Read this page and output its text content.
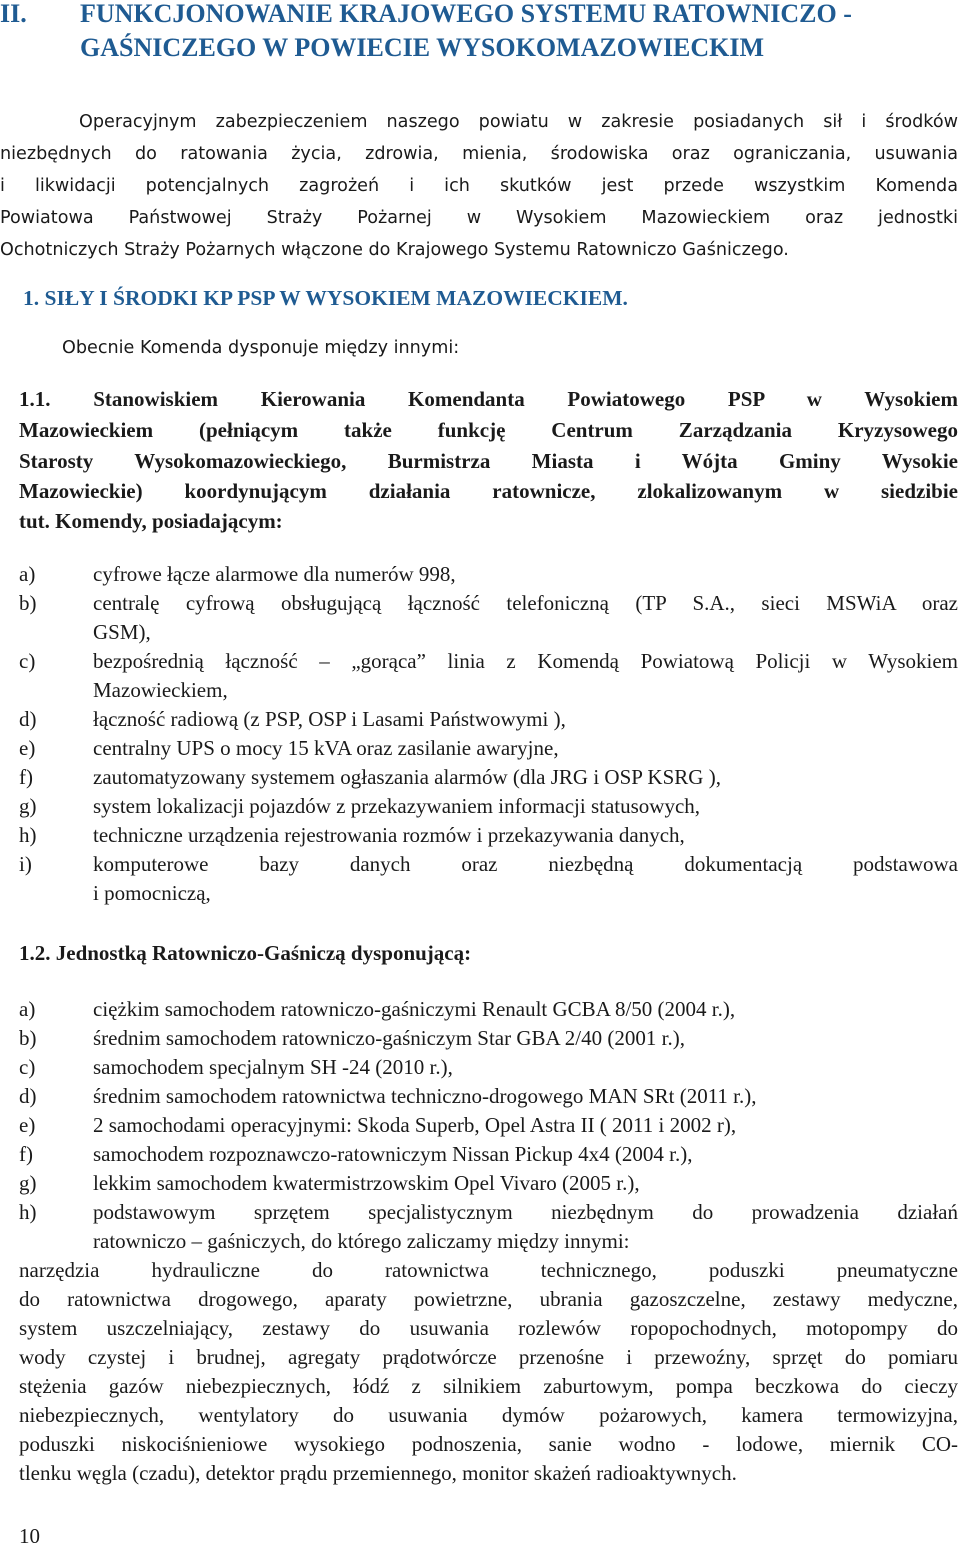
II. FUNKCJONOWANIE KRAJOWEGO SYSTEMU RATOWNICZO -
GAŚNICZEGO W POWIECIE WYSOKOMAZOWIECKIM
Operacyjnym zabezpieczeniem naszego powiatu w zakresie posiadanych sił i środków
niezbędnych do ratowania życia, zdrowia, mienia, środowiska oraz ograniczania, usuwania
i likwidacji potencjalnych zagrożeń i ich skutków jest przede wszystkim Komenda
Powiatowa Państwowej Straży Pożarnej w Wysokiem Mazowieckiem oraz jednostki
Ochotniczych Straży Pożarnych włączone do Krajowego Systemu Ratowniczo Gaśniczego.
1. SIŁY I ŚRODKI KP PSP W WYSOKIEM MAZOWIECKIEM.
Obecnie Komenda dysponuje między innymi:
1.1. Stanowiskiem Kierowania Komendanta Powiatowego PSP w Wysokiem
Mazowieckiem (pełniącym także funkcję Centrum Zarządzania Kryzysowego
Starosty Wysokomazowieckiego, Burmistrza Miasta i Wójta Gminy Wysokie
Mazowieckie) koordynującym działania ratownicze, zlokalizowanym w siedzibie
tut. Komendy, posiadającym:
a)	cyfrowe łącze alarmowe dla numerów 998,
b)	centralę cyfrową obsługującą łączność telefoniczną (TP S.A., sieci MSWiA oraz
GSM),
c)	bezpośrednią łączność – „gorąca” linia z Komendą Powiatową Policji w Wysokiem
Mazowieckiem,
d)	łączność radiową (z PSP, OSP i Lasami Państwowymi ),
e)	centralny UPS o mocy 15 kVA oraz zasilanie awaryjne,
f)	zautomatyzowany systemem ogłaszania alarmów (dla JRG i OSP KSRG ),
g)	system lokalizacji pojazdów z przekazywaniem informacji statusowych,
h)	techniczne urządzenia rejestrowania rozmów i przekazywania danych,
i)	komputerowe bazy danych oraz niezbędną dokumentacją podstawowa
i pomocniczą,
1.2. Jednostką Ratowniczo-Gaśniczą dysponującą:
a)	ciężkim samochodem ratowniczo-gaśniczymi Renault GCBA 8/50 (2004 r.),
b)	średnim samochodem ratowniczo-gaśniczym Star GBA 2/40 (2001 r.),
c)	samochodem specjalnym SH -24 (2010 r.),
d)	średnim samochodem ratownictwa techniczno-drogowego MAN SRt (2011 r.),
e)	2 samochodami operacyjnymi: Skoda Superb, Opel Astra II ( 2011 i 2002 r),
f)	samochodem rozpoznawczo-ratowniczym Nissan Pickup 4x4 (2004 r.),
g)	lekkim samochodem kwatermistrzowskim Opel Vivaro (2005 r.),
h)	podstawowym sprzętem specjalistycznym niezbędnym do prowadzenia działań
ratowniczo – gaśniczych, do którego zaliczamy między innymi:
narzędzia hydrauliczne do ratownictwa technicznego, poduszki pneumatyczne
do ratownictwa drogowego, aparaty powietrzne, ubrania gazoszczelne, zestawy medyczne,
system uszczelniający, zestawy do usuwania rozlewów ropopochodnych, motopompy do
wody czystej i brudnej, agregaty prądotwórcze przenośne i przewoźny, sprzęt do pomiaru
stężenia gazów niebezpiecznych, łódź z silnikiem zaburtowym, pompa beczkowa do cieczy
niebezpiecznych, wentylatory do usuwania dymów pożarowych, kamera termowizyjna,
poduszki niskociśnieniowe wysokiego podnoszenia, sanie wodno - lodowe, miernik CO-
tlenku węgla (czadu), detektor prądu przemiennego, monitor skażeń radioaktywnych.
10
